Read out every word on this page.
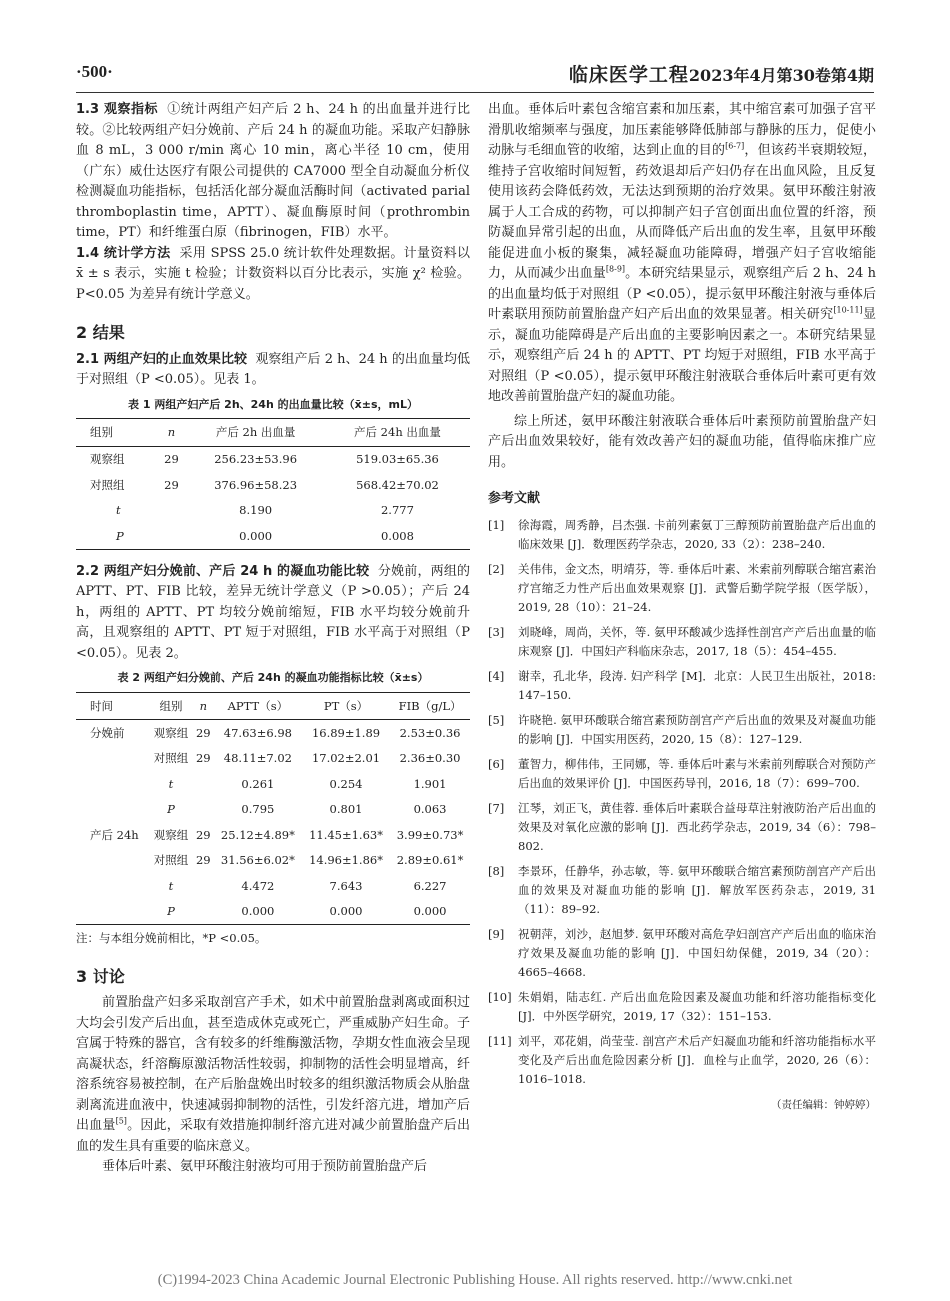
·500·	临床医学工程2023年4月第30卷第4期

1.3 观察指标 ①统计两组产妇产后 2 h、24 h 的出血量并进行比较。②比较两组产妇分娩前、产后 24 h 的凝血功能。采取产妇静脉血 8 mL，3 000 r/min 离心 10 min，离心半径 10 cm，使用（广东）威仕达医疗有限公司提供的 CA7000 型全自动凝血分析仪检测凝血功能指标，包括活化部分凝血活酶时间（activated parial thromboplastin time，APTT）、凝血酶原时间（prothrombin time，PT）和纤维蛋白原（fibrinogen，FIB）水平。

1.4 统计学方法 采用 SPSS 25.0 统计软件处理数据。计量资料以 x̄ ± s 表示，实施 t 检验；计数资料以百分比表示，实施 χ² 检验。P<0.05 为差异有统计学意义。

2 结果

2.1 两组产妇的止血效果比较 观察组产后 2 h、24 h 的出血量均低于对照组（P <0.05）。见表 1。

表 1 两组产妇产后 2h、24h 的出血量比较（x̄±s，mL）
组别	n	产后 2h 出血量	产后 24h 出血量
观察组	29	256.23±53.96	519.03±65.36
对照组	29	376.96±58.23	568.42±70.02
t		8.190	2.777
P		0.000	0.008

2.2 两组产妇分娩前、产后 24 h 的凝血功能比较 分娩前，两组的 APTT、PT、FIB 比较，差异无统计学意义（P >0.05）；产后 24 h，两组的 APTT、PT 均较分娩前缩短，FIB 水平均较分娩前升高，且观察组的 APTT、PT 短于对照组，FIB 水平高于对照组（P <0.05）。见表 2。

表 2 两组产妇分娩前、产后 24h 的凝血功能指标比较（x̄±s）
时间	组别	n	APTT（s）	PT（s）	FIB（g/L）
分娩前	观察组	29	47.63±6.98	16.89±1.89	2.53±0.36
	对照组	29	48.11±7.02	17.02±2.01	2.36±0.30
	t		0.261	0.254	1.901
	P		0.795	0.801	0.063
产后 24h	观察组	29	25.12±4.89*	11.45±1.63*	3.99±0.73*
	对照组	29	31.56±6.02*	14.96±1.86*	2.89±0.61*
	t		4.472	7.643	6.227
	P		0.000	0.000	0.000
注：与本组分娩前相比，*P <0.05。
3 讨论

前置胎盘产妇多采取剖宫产手术，如术中前置胎盘剥离或面积过大均会引发产后出血，甚至造成休克或死亡，严重威胁产妇生命。子宫属于特殊的器官，含有较多的纤维酶激活物，孕期女性血液会呈现高凝状态，纤溶酶原激活物活性较弱，抑制物的活性会明显增高，纤溶系统容易被控制，在产后胎盘娩出时较多的组织激活物质会从胎盘剥离流进血液中，快速减弱抑制物的活性，引发纤溶亢进，增加产后出血量[5]。因此，采取有效措施抑制纤溶亢进对减少前置胎盘产后出血的发生具有重要的临床意义。

垂体后叶素、氨甲环酸注射液均可用于预防前置胎盘产后

出血。垂体后叶素包含缩宫素和加压素，其中缩宫素可加强子宫平滑肌收缩频率与强度，加压素能够降低肺部与静脉的压力，促使小动脉与毛细血管的收缩，达到止血的目的[6-7]，但该药半衰期较短，维持子宫收缩时间短暂，药效退却后产妇仍存在出血风险，且反复使用该药会降低药效，无法达到预期的治疗效果。氨甲环酸注射液属于人工合成的药物，可以抑制产妇子宫创面出血位置的纤溶，预防凝血异常引起的出血，从而降低产后出血的发生率，且氨甲环酸能促进血小板的聚集，减轻凝血功能障碍，增强产妇子宫收缩能力，从而减少出血量[8-9]。本研究结果显示，观察组产后 2 h、24 h 的出血量均低于对照组（P <0.05），提示氨甲环酸注射液与垂体后叶素联用预防前置胎盘产妇产后出血的效果显著。相关研究[10-11]显示，凝血功能障碍是产后出血的主要影响因素之一。本研究结果显示，观察组产后 24 h 的 APTT、PT 均短于对照组，FIB 水平高于对照组（P <0.05），提示氨甲环酸注射液联合垂体后叶素可更有效地改善前置胎盘产妇的凝血功能。

综上所述，氨甲环酸注射液联合垂体后叶素预防前置胎盘产妇产后出血效果较好，能有效改善产妇的凝血功能，值得临床推广应用。

参考文献
[1]	徐海霞，周秀静，吕杰强. 卡前列素氨丁三醇预防前置胎盘产后出血的临床效果 [J]．数理医药学杂志，2020, 33（2）：238–240.
[2]	关伟伟，金文杰，明靖芬，等. 垂体后叶素、米索前列醇联合缩宫素治疗宫缩乏力性产后出血效果观察 [J]．武警后勤学院学报（医学版），2019, 28（10）：21–24.
[3]	刘晓峰，周尚，关怀，等. 氨甲环酸减少选择性剖宫产产后出血量的临床观察 [J]．中国妇产科临床杂志，2017, 18（5）：454–455.
[4]	谢幸，孔北华，段涛. 妇产科学 [M]．北京：人民卫生出版社，2018: 147–150.
[5]	许晓艳. 氨甲环酸联合缩宫素预防剖宫产产后出血的效果及对凝血功能的影响 [J]．中国实用医药，2020, 15（8）：127–129.
[6]	董智力，柳伟伟，王同娜，等. 垂体后叶素与米索前列醇联合对预防产后出血的效果评价 [J]．中国医药导刊，2016, 18（7）：699–700.
[7]	江琴，刘正飞，黄佳蓉. 垂体后叶素联合益母草注射液防治产后出血的效果及对氧化应激的影响 [J]．西北药学杂志，2019, 34（6）：798–802.
[8]	李景环，任静华，孙志敏，等. 氨甲环酸联合缩宫素预防剖宫产产后出血的效果及对凝血功能的影响 [J]．解放军医药杂志，2019, 31（11）：89–92.
[9]	祝朝萍，刘沙，赵旭梦. 氨甲环酸对高危孕妇剖宫产产后出血的临床治疗效果及凝血功能的影响 [J]．中国妇幼保健，2019, 34（20）：4665–4668.
[10] 朱娟娟，陆志红. 产后出血危险因素及凝血功能和纤溶功能指标变化 [J]．中外医学研究，2019, 17（32）：151–153.
[11] 刘平，邓花娟，尚莹莹. 剖宫产术后产妇凝血功能和纤溶功能指标水平变化及产后出血危险因素分析 [J]．血栓与止血学，2020, 26（6）：1016–1018.
（责任编辑：钟婷婷）
(C)1994-2023 China Academic Journal Electronic Publishing House. All rights reserved. http://www.cnki.net
